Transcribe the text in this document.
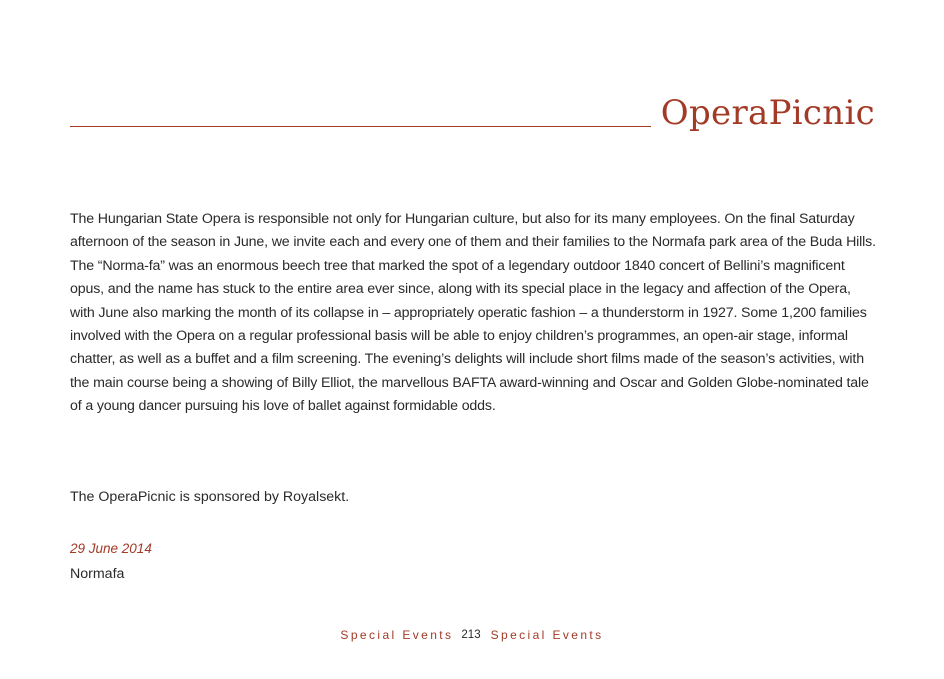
OperaPicnic

The Hungarian State Opera is responsible not only for Hungarian culture, but also for its many employees. On the final Saturday afternoon of the season in June, we invite each and every one of them and their families to the Normafa park area of the Buda Hills. The “Norma-fa” was an enormous beech tree that marked the spot of a legendary outdoor 1840 concert of Bellini’s magnificent opus, and the name has stuck to the entire area ever since, along with its special place in the legacy and affection of the Opera, with June also marking the month of its collapse in – appropriately operatic fashion – a thunderstorm in 1927. Some 1,200 families involved with the Opera on a regular professional basis will be able to enjoy children’s programmes, an open-air stage, informal chatter, as well as a buffet and a film screening. The evening’s delights will include short films made of the season’s activities, with the main course being a showing of Billy Elliot, the marvellous BAFTA award-winning and Oscar and Golden Globe-nominated tale of a young dancer pursuing his love of ballet against formidable odds.

The OperaPicnic is sponsored by Royalsekt.

29 June 2014
Normafa
Special Events 213 Special Events
